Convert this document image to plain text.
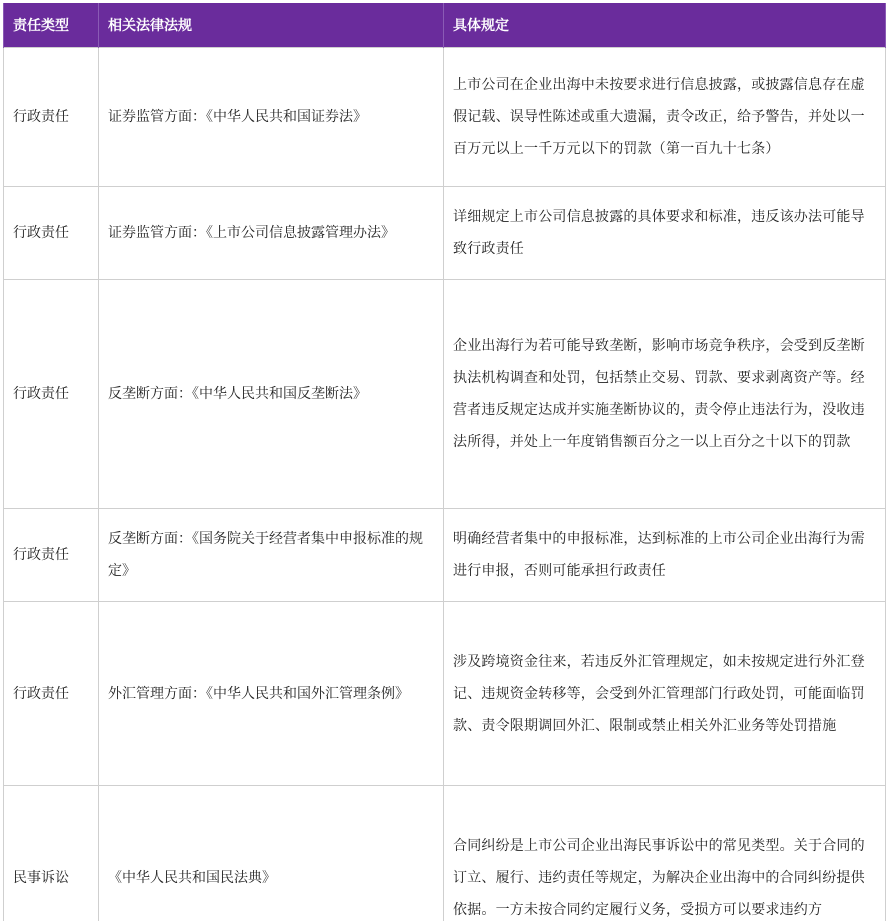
责任类型	相关法律法规	具体规定
行政责任	证券监管方面：《中华人民共和国证券法》	上市公司在企业出海中未按要求进行信息披露，或披露信息存在虚假记载、误导性陈述或重大遗漏，责令改正，给予警告，并处以一百万元以上一千万元以下的罚款（第一百九十七条）
行政责任	证券监管方面：《上市公司信息披露管理办法》	详细规定上市公司信息披露的具体要求和标准，违反该办法可能导致行政责任
行政责任	反垄断方面：《中华人民共和国反垄断法》	企业出海行为若可能导致垄断，影响市场竞争秩序，会受到反垄断执法机构调查和处罚，包括禁止交易、罚款、要求剥离资产等。经营者违反规定达成并实施垄断协议的，责令停止违法行为，没收违法所得，并处上一年度销售额百分之一以上百分之十以下的罚款
行政责任	反垄断方面：《国务院关于经营者集中申报标准的规定》	明确经营者集中的申报标准，达到标准的上市公司企业出海行为需进行申报，否则可能承担行政责任
行政责任	外汇管理方面：《中华人民共和国外汇管理条例》	涉及跨境资金往来，若违反外汇管理规定，如未按规定进行外汇登记、违规资金转移等，会受到外汇管理部门行政处罚，可能面临罚款、责令限期调回外汇、限制或禁止相关外汇业务等处罚措施
民事诉讼	《中华人民共和国民法典》	合同纠纷是上市公司企业出海民事诉讼中的常见类型。关于合同的订立、履行、违约责任等规定，为解决企业出海中的合同纠纷提供依据。一方未按合同约定履行义务，受损方可以要求违约方
